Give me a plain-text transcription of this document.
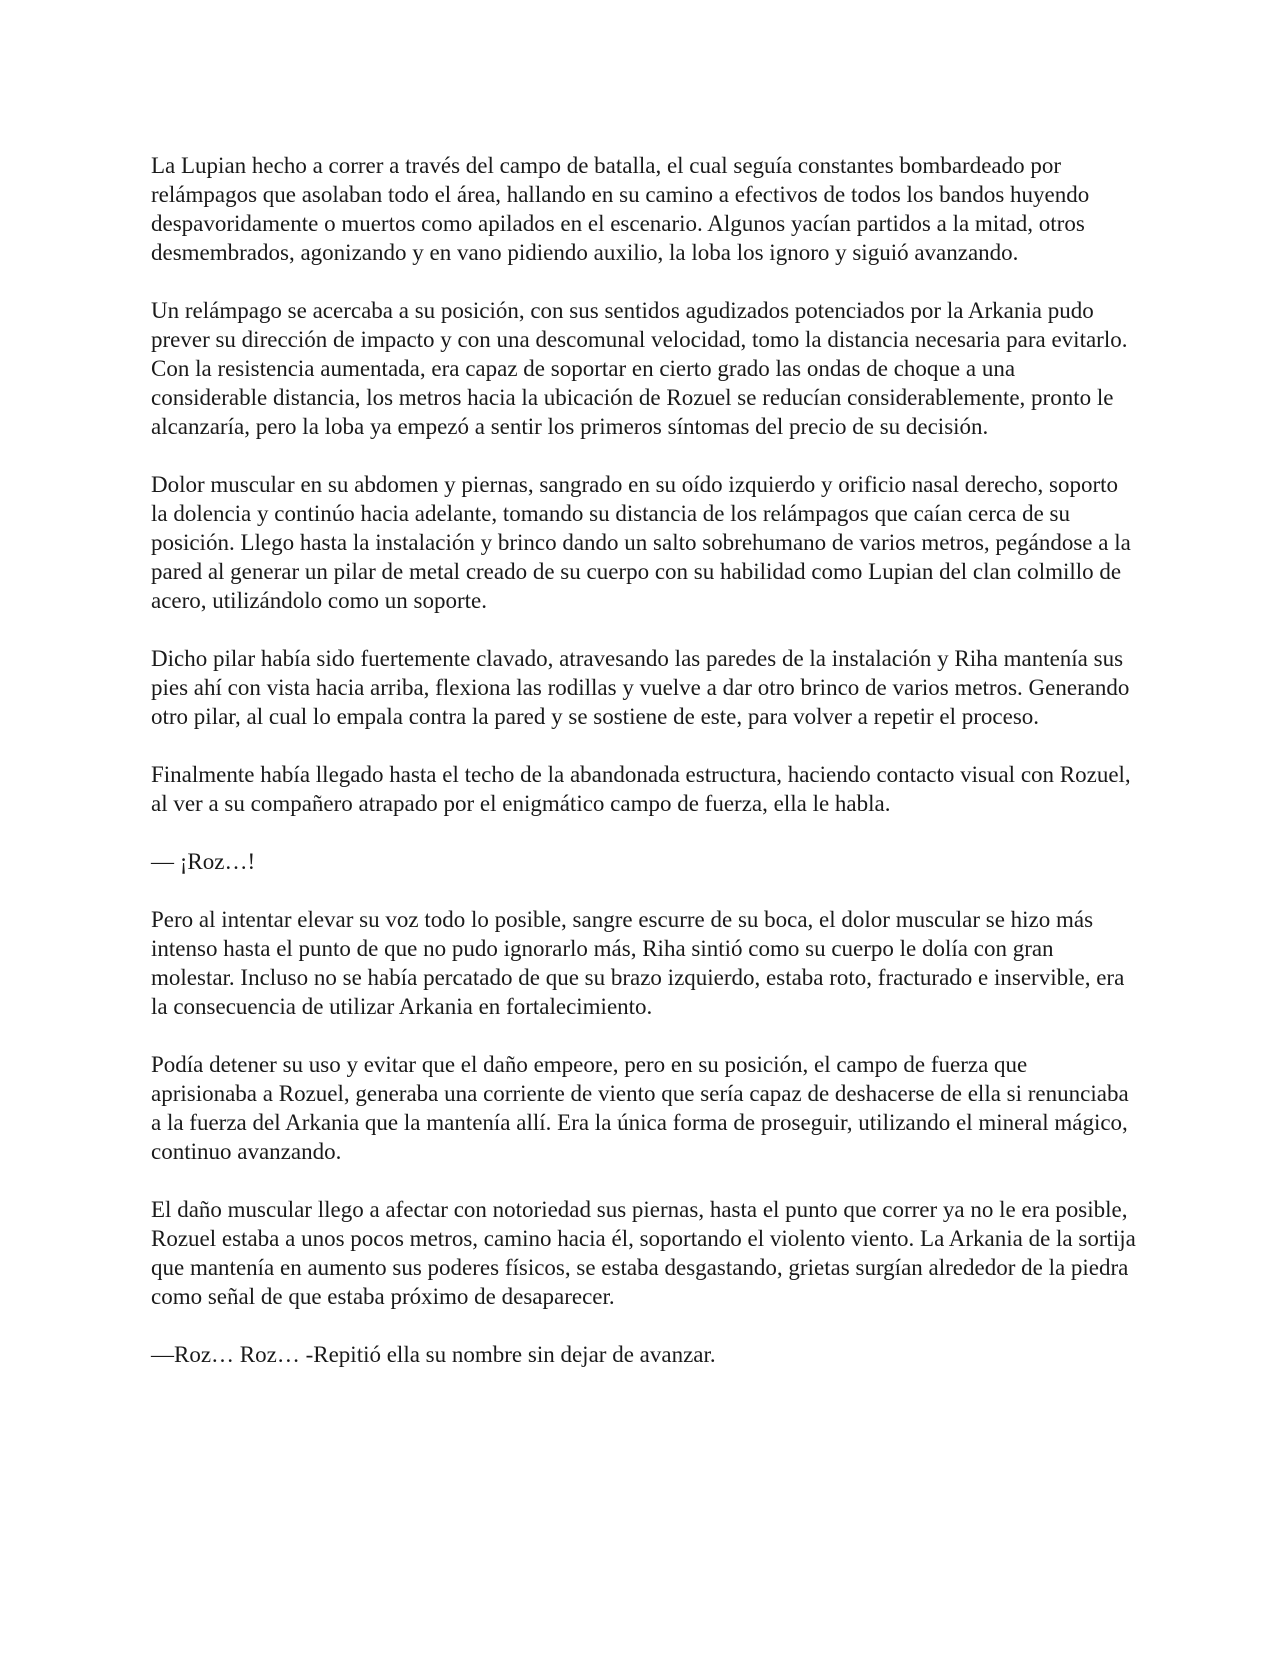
La Lupian hecho a correr a través del campo de batalla, el cual seguía constantes bombardeado por relámpagos que asolaban todo el área, hallando en su camino a efectivos de todos los bandos huyendo despavoridamente o muertos como apilados en el escenario. Algunos yacían partidos a la mitad, otros desmembrados, agonizando y en vano pidiendo auxilio, la loba los ignoro y siguió avanzando.

Un relámpago se acercaba a su posición, con sus sentidos agudizados potenciados por la Arkania pudo prever su dirección de impacto y con una descomunal velocidad, tomo la distancia necesaria para evitarlo. Con la resistencia aumentada, era capaz de soportar en cierto grado las ondas de choque a una considerable distancia, los metros hacia la ubicación de Rozuel se reducían considerablemente, pronto le alcanzaría, pero la loba ya empezó a sentir los primeros síntomas del precio de su decisión.

Dolor muscular en su abdomen y piernas, sangrado en su oído izquierdo y orificio nasal derecho, soporto la dolencia y continúo hacia adelante, tomando su distancia de los relámpagos que caían cerca de su posición. Llego hasta la instalación y brinco dando un salto sobrehumano de varios metros, pegándose a la pared al generar un pilar de metal creado de su cuerpo con su habilidad como Lupian del clan colmillo de acero, utilizándolo como un soporte.

Dicho pilar había sido fuertemente clavado, atravesando las paredes de la instalación y Riha mantenía sus pies ahí con vista hacia arriba, flexiona las rodillas y vuelve a dar otro brinco de varios metros. Generando otro pilar, al cual lo empala contra la pared y se sostiene de este, para volver a repetir el proceso.

Finalmente había llegado hasta el techo de la abandonada estructura, haciendo contacto visual con Rozuel, al ver a su compañero atrapado por el enigmático campo de fuerza, ella le habla.

— ¡Roz…!

Pero al intentar elevar su voz todo lo posible, sangre escurre de su boca, el dolor muscular se hizo más intenso hasta el punto de que no pudo ignorarlo más, Riha sintió como su cuerpo le dolía con gran molestar. Incluso no se había percatado de que su brazo izquierdo, estaba roto, fracturado e inservible, era la consecuencia de utilizar Arkania en fortalecimiento.

Podía detener su uso y evitar que el daño empeore, pero en su posición, el campo de fuerza que aprisionaba a Rozuel, generaba una corriente de viento que sería capaz de deshacerse de ella si renunciaba a la fuerza del Arkania que la mantenía allí. Era la única forma de proseguir, utilizando el mineral mágico, continuo avanzando.

El daño muscular llego a afectar con notoriedad sus piernas, hasta el punto que correr ya no le era posible, Rozuel estaba a unos pocos metros, camino hacia él, soportando el violento viento. La Arkania de la sortija que mantenía en aumento sus poderes físicos, se estaba desgastando, grietas surgían alrededor de la piedra como señal de que estaba próximo de desaparecer.

—Roz… Roz… -Repitió ella su nombre sin dejar de avanzar.
